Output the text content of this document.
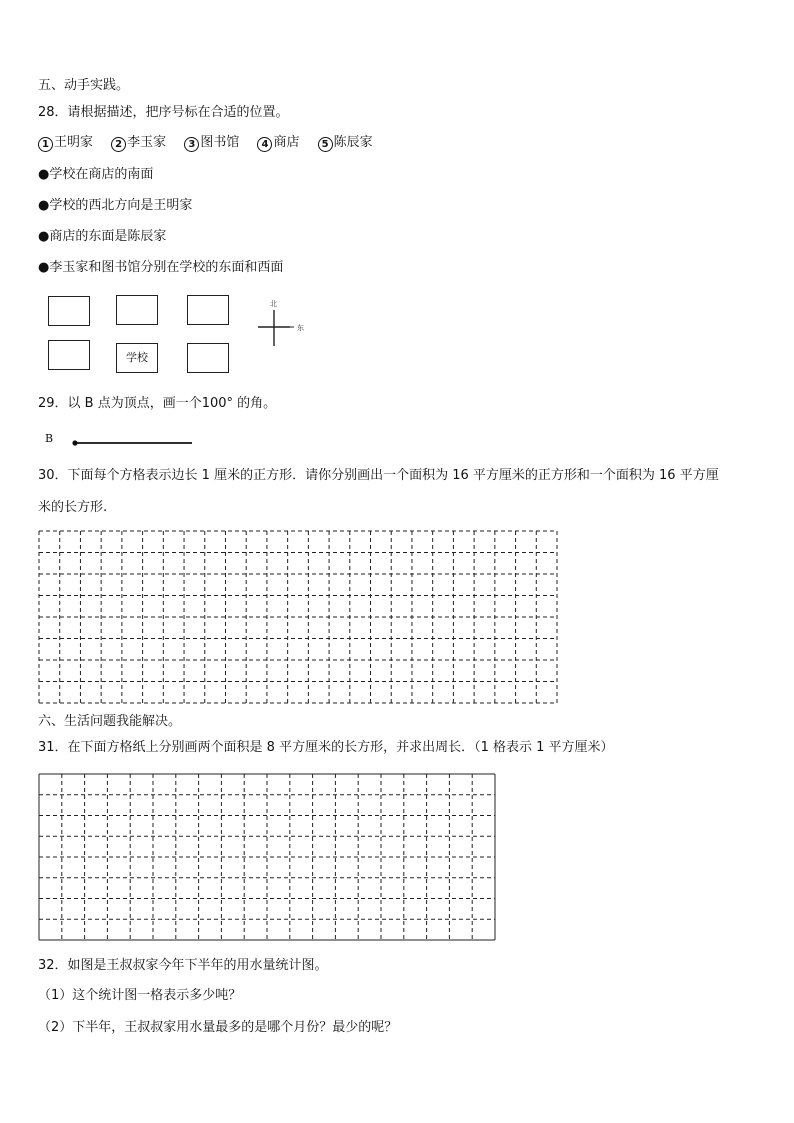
五、动手实践。
28．请根据描述，把序号标在合适的位置。
1 王明家 2 李玉家 3 图书馆 4 商店 5 陈辰家
●学校在商店的南面
●学校的西北方向是王明家
●商店的东面是陈辰家
●李玉家和图书馆分别在学校的东面和西面
学校
北
东
29．以 B 点为顶点，画一个100° 的角。
B
30．下面每个方格表示边长 1 厘米的正方形．请你分别画出一个面积为 16 平方厘米的正方形和一个面积为 16 平方厘
米的长方形.
六、生活问题我能解决。
31．在下面方格纸上分别画两个面积是 8 平方厘米的长方形，并求出周长．（1 格表示 1 平方厘米）
32．如图是王叔叔家今年下半年的用水量统计图。
（1）这个统计图一格表示多少吨？
（2）下半年，王叔叔家用水量最多的是哪个月份？最少的呢？
